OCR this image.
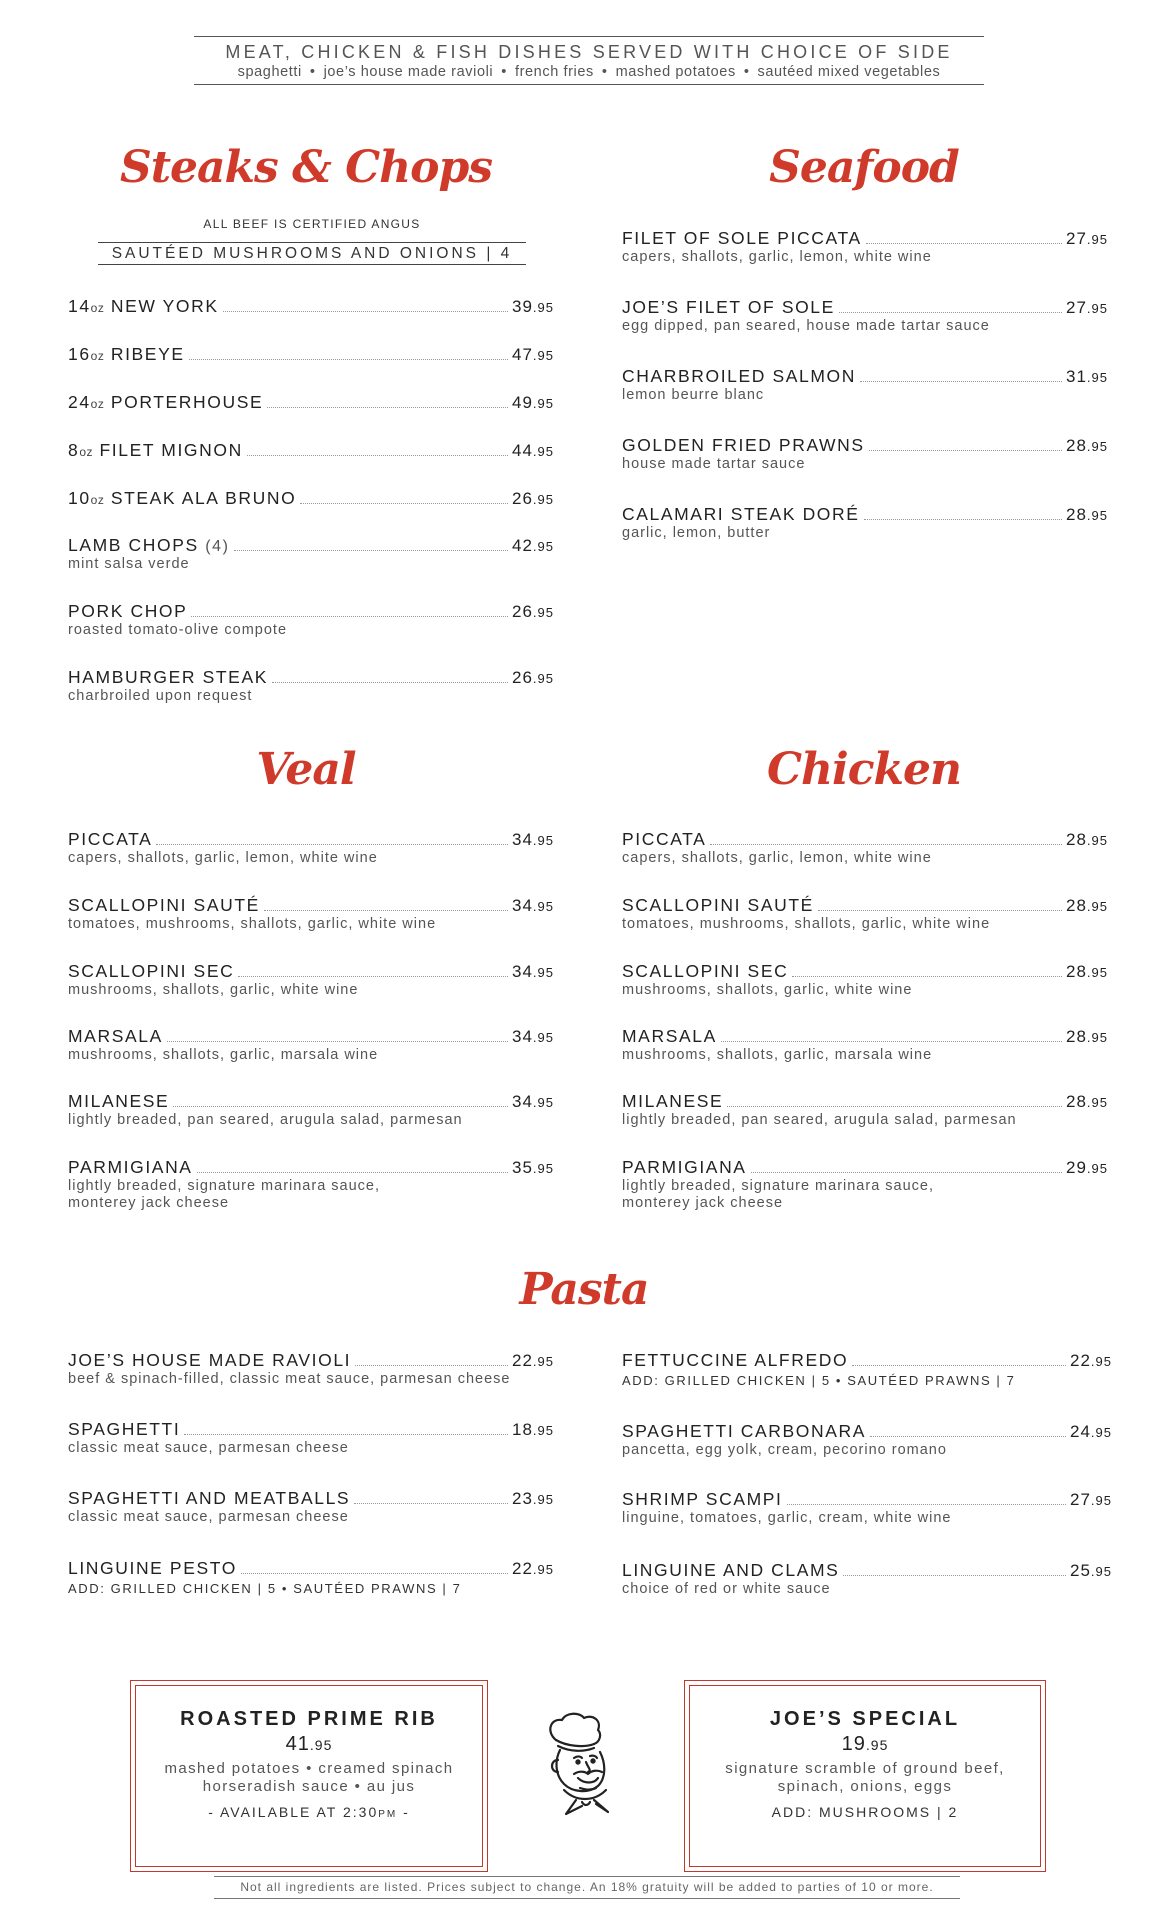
MEAT, CHICKEN & FISH DISHES SERVED WITH CHOICE OF SIDE
spaghetti • joe’s house made ravioli • french fries • mashed potatoes • sautéed mixed vegetables
Steaks & Chops	Seafood
Veal	Chicken
Pasta
ALL BEEF IS CERTIFIED ANGUS
SAUTÉED MUSHROOMS AND ONIONS | 4
14oz NEW YORK	39.95
16oz RIBEYE	47.95
24oz PORTERHOUSE	49.95
8oz FILET MIGNON	44.95
10oz STEAK ALA BRUNO	26.95
LAMB CHOPS (4)	42.95
mint salsa verde
PORK CHOP	26.95
roasted tomato-olive compote
HAMBURGER STEAK	26.95
charbroiled upon request
FILET OF SOLE PICCATA	27.95
capers, shallots, garlic, lemon, white wine
JOE’S FILET OF SOLE	27.95
egg dipped, pan seared, house made tartar sauce
CHARBROILED SALMON	31.95
lemon beurre blanc
GOLDEN FRIED PRAWNS	28.95
house made tartar sauce
CALAMARI STEAK DORÉ	28.95
garlic, lemon, butter
PICCATA	34.95
capers, shallots, garlic, lemon, white wine
SCALLOPINI SAUTÉ	34.95
tomatoes, mushrooms, shallots, garlic, white wine
SCALLOPINI SEC	34.95
mushrooms, shallots, garlic, white wine
MARSALA	34.95
mushrooms, shallots, garlic, marsala wine
MILANESE	34.95
lightly breaded, pan seared, arugula salad, parmesan
PARMIGIANA	35.95
lightly breaded, signature marinara sauce,
monterey jack cheese
PICCATA	28.95
capers, shallots, garlic, lemon, white wine
SCALLOPINI SAUTÉ	28.95
tomatoes, mushrooms, shallots, garlic, white wine
SCALLOPINI SEC	28.95
mushrooms, shallots, garlic, white wine
MARSALA	28.95
mushrooms, shallots, garlic, marsala wine
MILANESE	28.95
lightly breaded, pan seared, arugula salad, parmesan
PARMIGIANA	29.95
lightly breaded, signature marinara sauce,
monterey jack cheese
JOE’S HOUSE MADE RAVIOLI	22.95
beef & spinach-filled, classic meat sauce, parmesan cheese
SPAGHETTI	18.95
classic meat sauce, parmesan cheese
SPAGHETTI AND MEATBALLS	23.95
classic meat sauce, parmesan cheese
LINGUINE PESTO	22.95
ADD: GRILLED CHICKEN | 5 • SAUTÉED PRAWNS | 7
FETTUCCINE ALFREDO	22.95
ADD: GRILLED CHICKEN | 5 • SAUTÉED PRAWNS | 7
SPAGHETTI CARBONARA	24.95
pancetta, egg yolk, cream, pecorino romano
SHRIMP SCAMPI	27.95
linguine, tomatoes, garlic, cream, white wine
LINGUINE AND CLAMS	25.95
choice of red or white sauce
ROASTED PRIME RIB
41.95
mashed potatoes • creamed spinach
horseradish sauce • au jus
- AVAILABLE AT 2:30PM -
JOE’S SPECIAL
19.95
signature scramble of ground beef,
spinach, onions, eggs
ADD: MUSHROOMS | 2
Not all ingredients are listed. Prices subject to change. An 18% gratuity will be added to parties of 10 or more.
